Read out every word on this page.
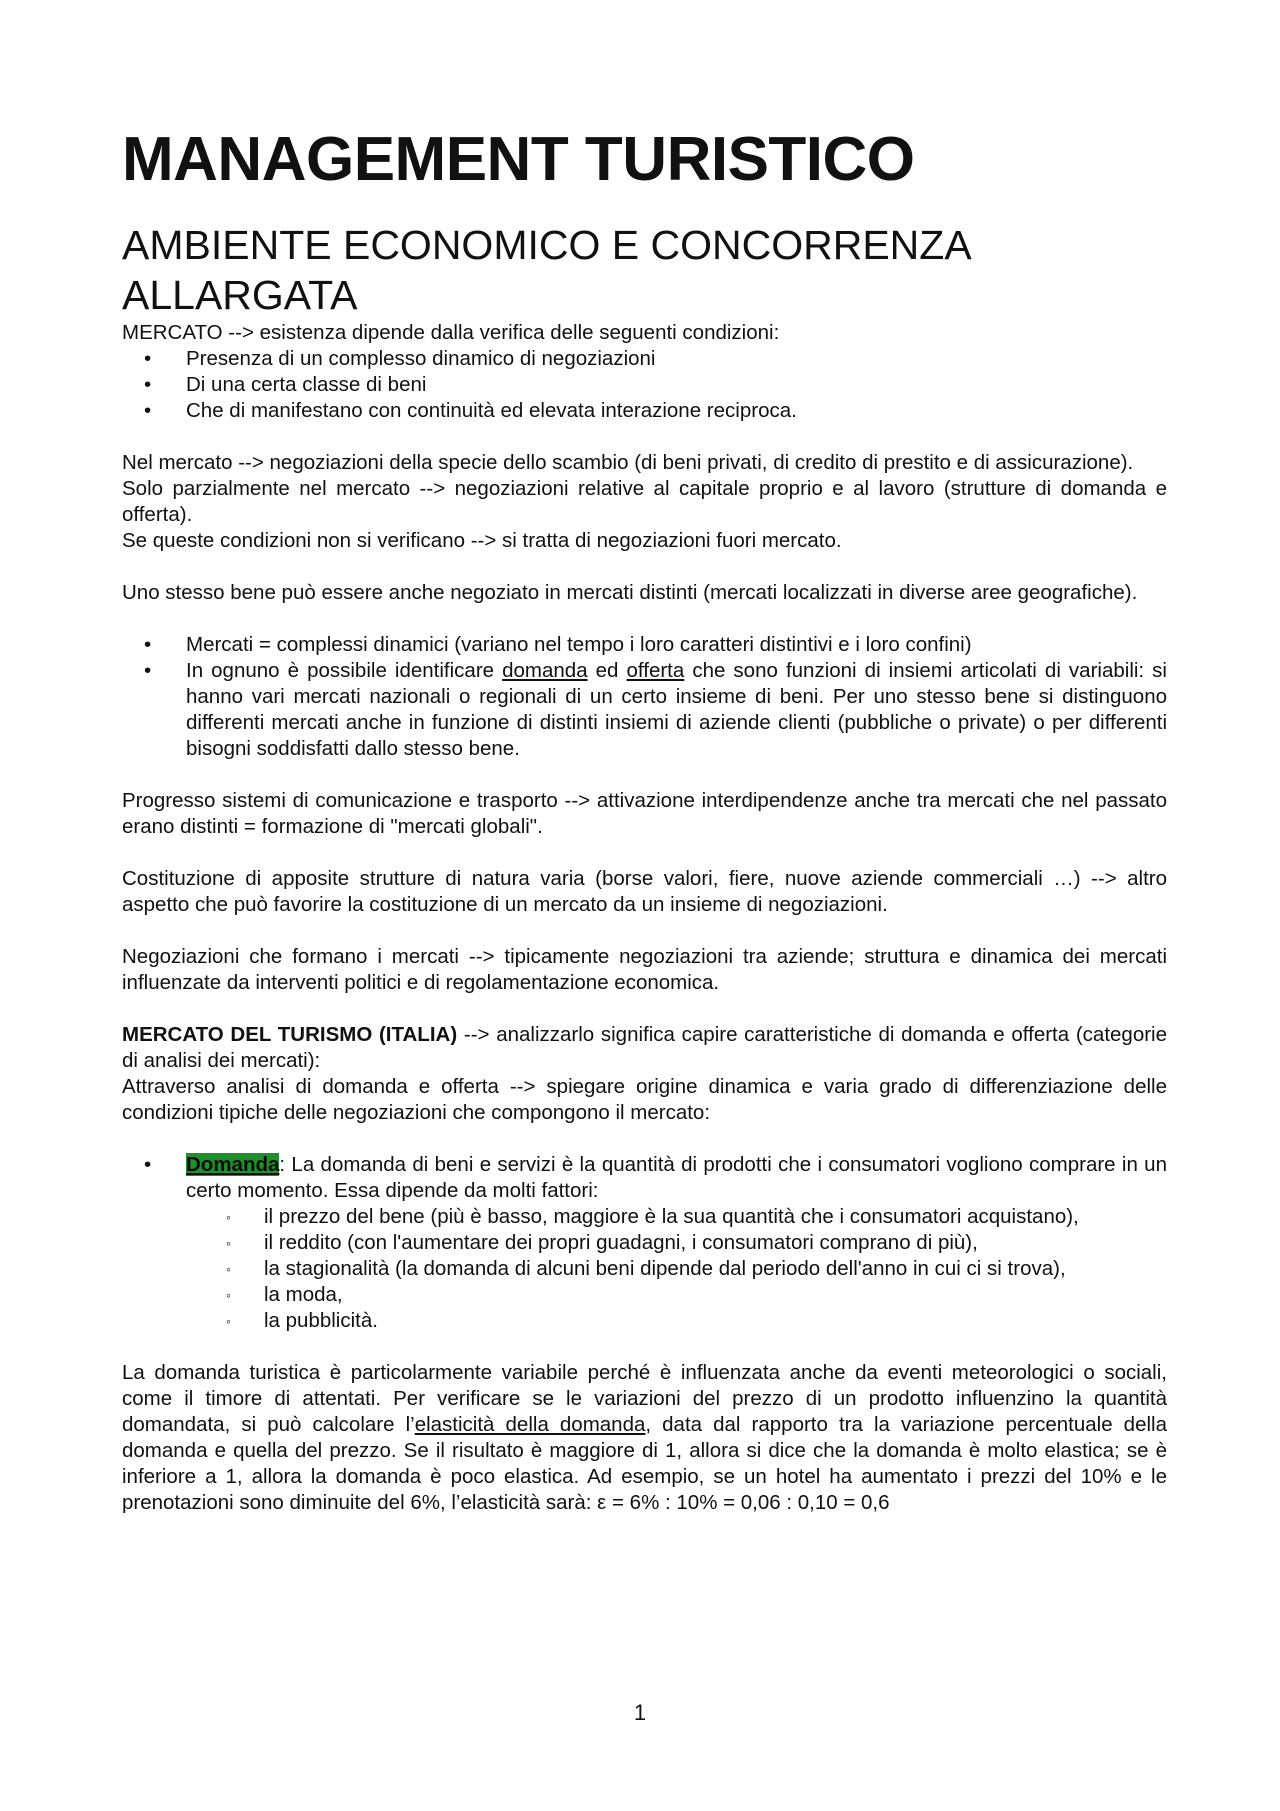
MANAGEMENT TURISTICO
AMBIENTE ECONOMICO E CONCORRENZA ALLARGATA

MERCATO --> esistenza dipende dalla verifica delle seguenti condizioni:

• Presenza di un complesso dinamico di negoziazioni
• Di una certa classe di beni
• Che di manifestano con continuità ed elevata interazione reciproca.

Nel mercato --> negoziazioni della specie dello scambio (di beni privati, di credito di prestito e di assicurazione).

Solo parzialmente nel mercato --> negoziazioni relative al capitale proprio e al lavoro (strutture di domanda e offerta).

Se queste condizioni non si verificano --> si tratta di negoziazioni fuori mercato.

Uno stesso bene può essere anche negoziato in mercati distinti (mercati localizzati in diverse aree geografiche).

• Mercati = complessi dinamici (variano nel tempo i loro caratteri distintivi e i loro confini)
• In ognuno è possibile identificare domanda ed offerta che sono funzioni di insiemi articolati di variabili: si hanno vari mercati nazionali o regionali di un certo insieme di beni. Per uno stesso bene si distinguono differenti mercati anche in funzione di distinti insiemi di aziende clienti (pubbliche o private) o per differenti bisogni soddisfatti dallo stesso bene.

Progresso sistemi di comunicazione e trasporto --> attivazione interdipendenze anche tra mercati che nel passato erano distinti = formazione di "mercati globali".

Costituzione di apposite strutture di natura varia (borse valori, fiere, nuove aziende commerciali …) --> altro aspetto che può favorire la costituzione di un mercato da un insieme di negoziazioni.

Negoziazioni che formano i mercati --> tipicamente negoziazioni tra aziende; struttura e dinamica dei mercati influenzate da interventi politici e di regolamentazione economica.

MERCATO DEL TURISMO (ITALIA) --> analizzarlo significa capire caratteristiche di domanda e offerta (categorie di analisi dei mercati):

Attraverso analisi di domanda e offerta --> spiegare origine dinamica e varia grado di differenziazione delle condizioni tipiche delle negoziazioni che compongono il mercato:

• Domanda: La domanda di beni e servizi è la quantità di prodotti che i consumatori vogliono comprare in un certo momento. Essa dipende da molti fattori:
◦ il prezzo del bene (più è basso, maggiore è la sua quantità che i consumatori acquistano),
◦ il reddito (con l'aumentare dei propri guadagni, i consumatori comprano di più),
◦ la stagionalità (la domanda di alcuni beni dipende dal periodo dell'anno in cui ci si trova),
◦ la moda,
◦ la pubblicità.

La domanda turistica è particolarmente variabile perché è influenzata anche da eventi meteorologici o sociali, come il timore di attentati. Per verificare se le variazioni del prezzo di un prodotto influenzino la quantità domandata, si può calcolare l’elasticità della domanda, data dal rapporto tra la variazione percentuale della domanda e quella del prezzo. Se il risultato è maggiore di 1, allora si dice che la domanda è molto elastica; se è inferiore a 1, allora la domanda è poco elastica. Ad esempio, se un hotel ha aumentato i prezzi del 10% e le prenotazioni sono diminuite del 6%, l’elasticità sarà: ε = 6% : 10% = 0,06 : 0,10 = 0,6

1
